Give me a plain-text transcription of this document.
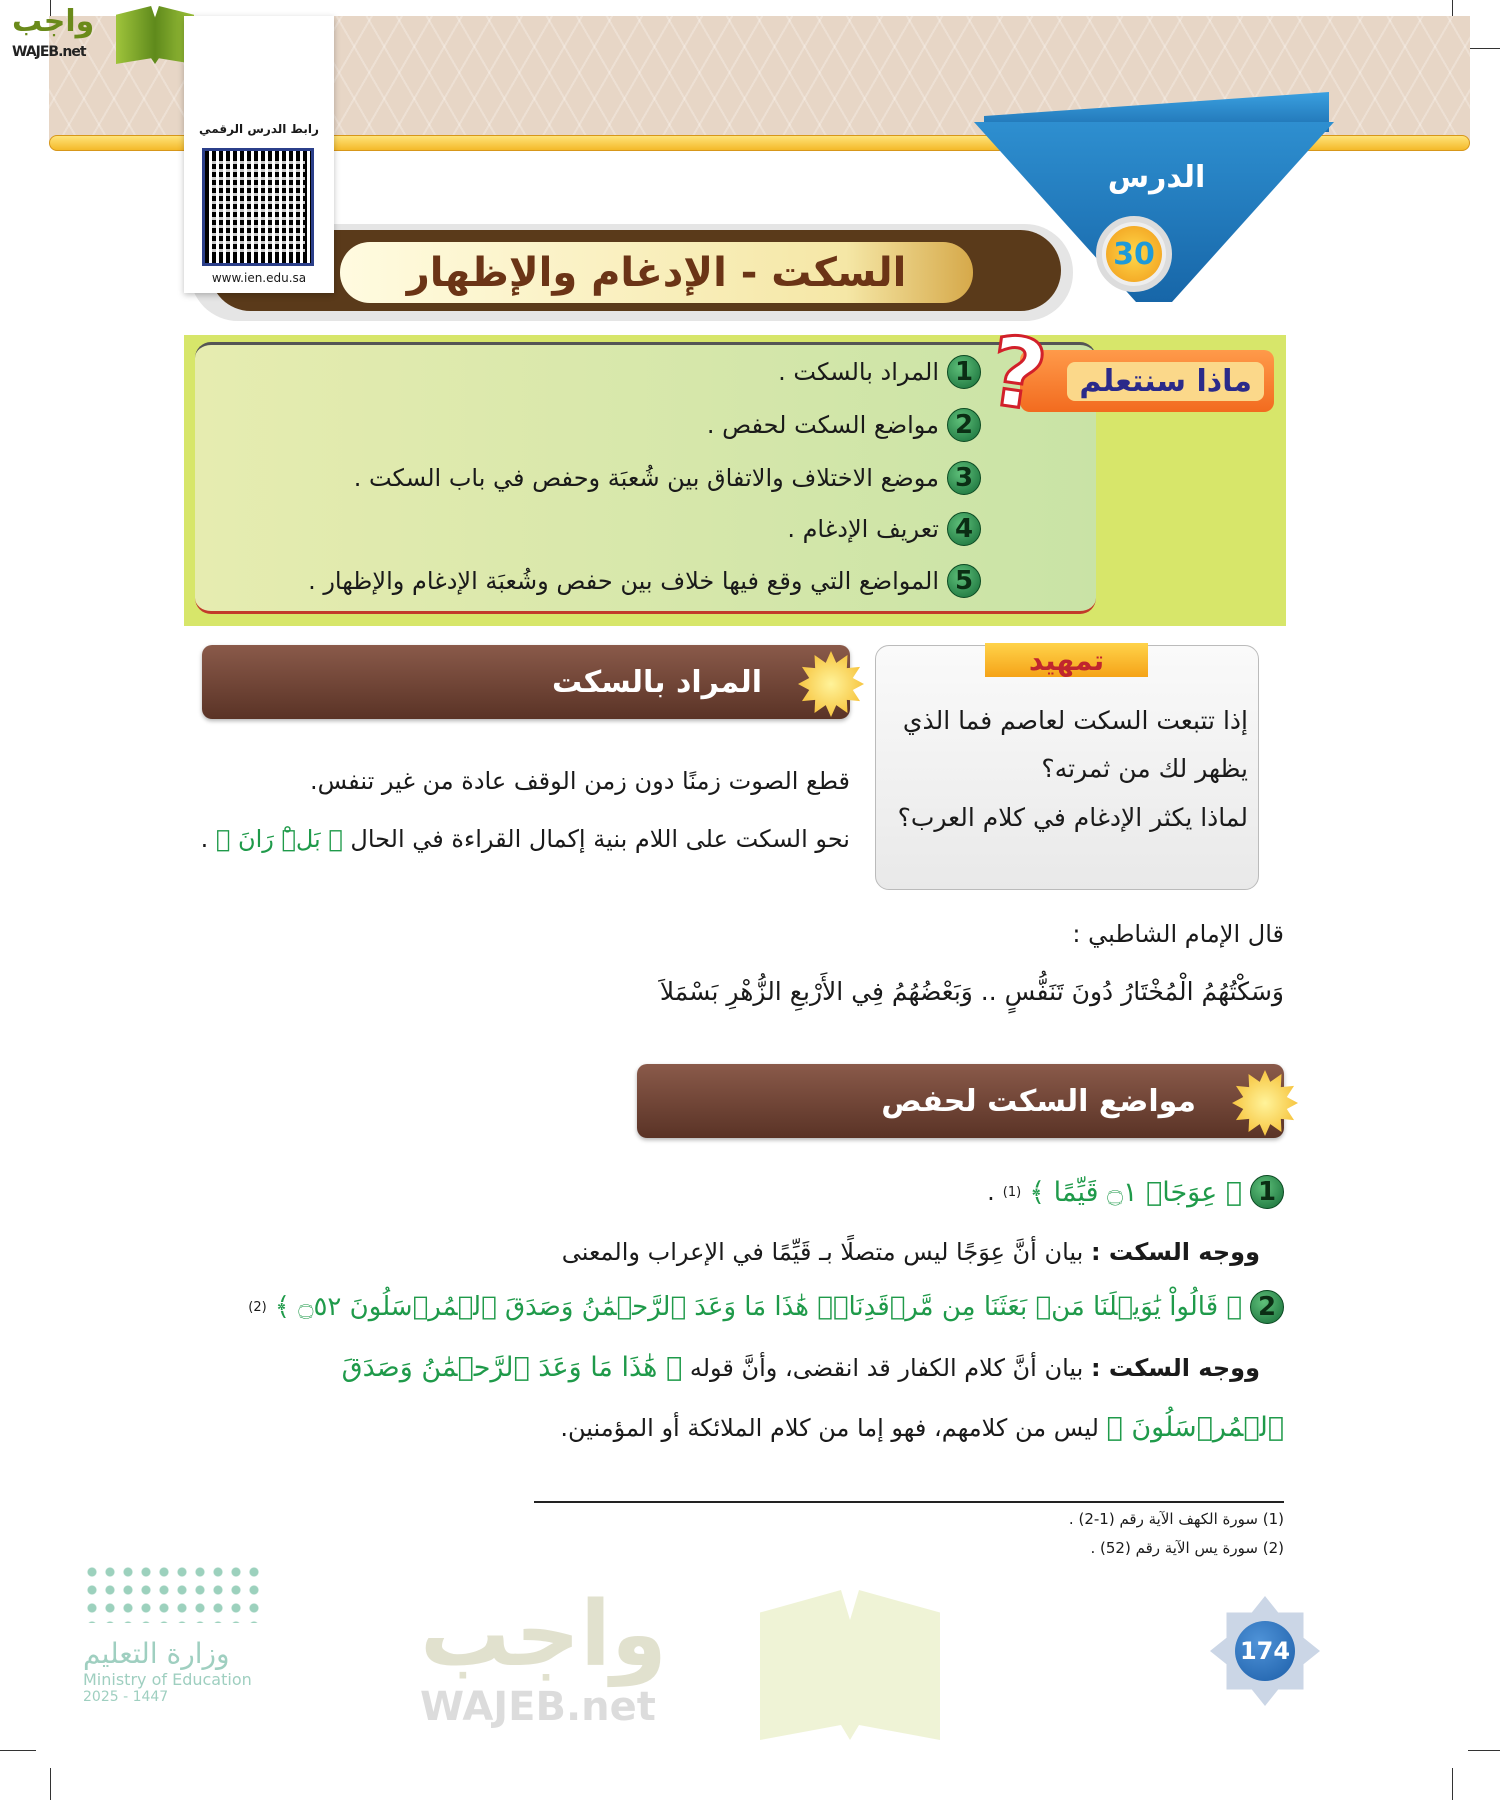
واجب
WAJEB.net
السكت - الإدغام والإظهار
رابط الدرس الرقمي
www.ien.edu.sa
الدرس
30
1
المراد بالسكت .
2
مواضع السكت لحفص .
3
موضع الاختلاف والاتفاق بين شُعبَة وحفص في باب السكت .
4
تعريف الإدغام .
5
المواضع التي وقع فيها خلاف بين حفص وشُعبَة الإدغام والإظهار .
ماذا سنتعلم
?
المراد بالسكت
إذا تتبعت السكت لعاصم فما الذي
يظهر لك من ثمرته؟
لماذا يكثر الإدغام في كلام العرب؟
تمهيد
قطع الصوت زمنًا دون زمن الوقف عادة من غير تنفس.
نحو السكت على اللام بنية إكمال القراءة في الحال ﴿ بَلْۜ رَانَ ﴾ .
قال الإمام الشاطبي :
وَسَكْتُهُمُ الْمُخْتَارُ دُونَ تَنَفُّسٍ .. وَبَعْضُهُمُ فِي الأَرْبعِ الزُّهْرِ بَسْمَلاَ
مواضع السكت لحفص
1
﴿ عِوَجَاۜ ۝١ قَيِّمًا ﴾
(1)
.
ووجه السكت : بيان أنَّ عِوَجًا ليس متصلًا بـ قَيِّمًا في الإعراب والمعنى
2
﴿ قَالُواْ يَٰوَيۡلَنَا مَنۢ بَعَثَنَا مِن مَّرۡقَدِنَاۜۗ هَٰذَا مَا وَعَدَ ٱلرَّحۡمَٰنُ وَصَدَقَ ٱلۡمُرۡسَلُونَ ۝٥٢ ﴾
(2)
ووجه السكت : بيان أنَّ كلام الكفار قد انقضى، وأنَّ قوله ﴿ هَٰذَا مَا وَعَدَ ٱلرَّحۡمَٰنُ وَصَدَقَ
ٱلۡمُرۡسَلُونَ ﴾ ليس من كلامهم، فهو إما من كلام الملائكة أو المؤمنين.
(1) سورة الكهف الآية رقم (1-2) .
(2) سورة يس الآية رقم (52) .
واجب
WAJEB.net
وزارة التعليم
Ministry of Education
2025 - 1447
174
